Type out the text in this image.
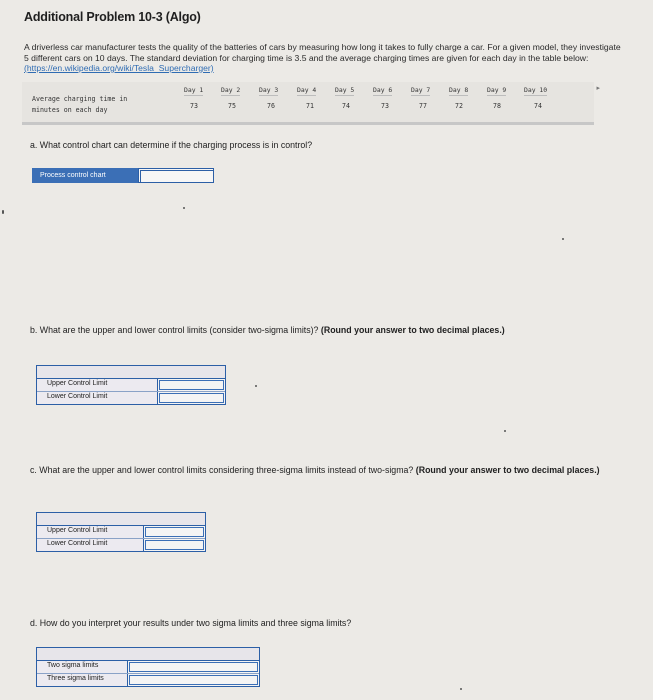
Additional Problem 10-3 (Algo)
A driverless car manufacturer tests the quality of the batteries of cars by measuring how long it takes to fully charge a car. For a given model, they investigate 5 different cars on 10 days. The standard deviation for charging time is 3.5 and the average charging times are given for each day in the table below: (https://en.wikipedia.org/wiki/Tesla_Supercharger)
Average charging time in
minutes on each day
Day 1	Day 2	Day 3	Day 4	Day 5	Day 6	Day 7	Day 8	Day 9	Day 10
73	75	76	71	74	73	77	72	78	74
▸
a. What control chart can determine if the charging process is in control?
Process control chart
b. What are the upper and lower control limits (consider two-sigma limits)? (Round your answer to two decimal places.)
Upper Control Limit
Lower Control Limit
c. What are the upper and lower control limits considering three-sigma limits instead of two-sigma? (Round your answer to two decimal places.)
Upper Control Limit
Lower Control Limit
d. How do you interpret your results under two sigma limits and three sigma limits?
Two sigma limits
Three sigma limits
